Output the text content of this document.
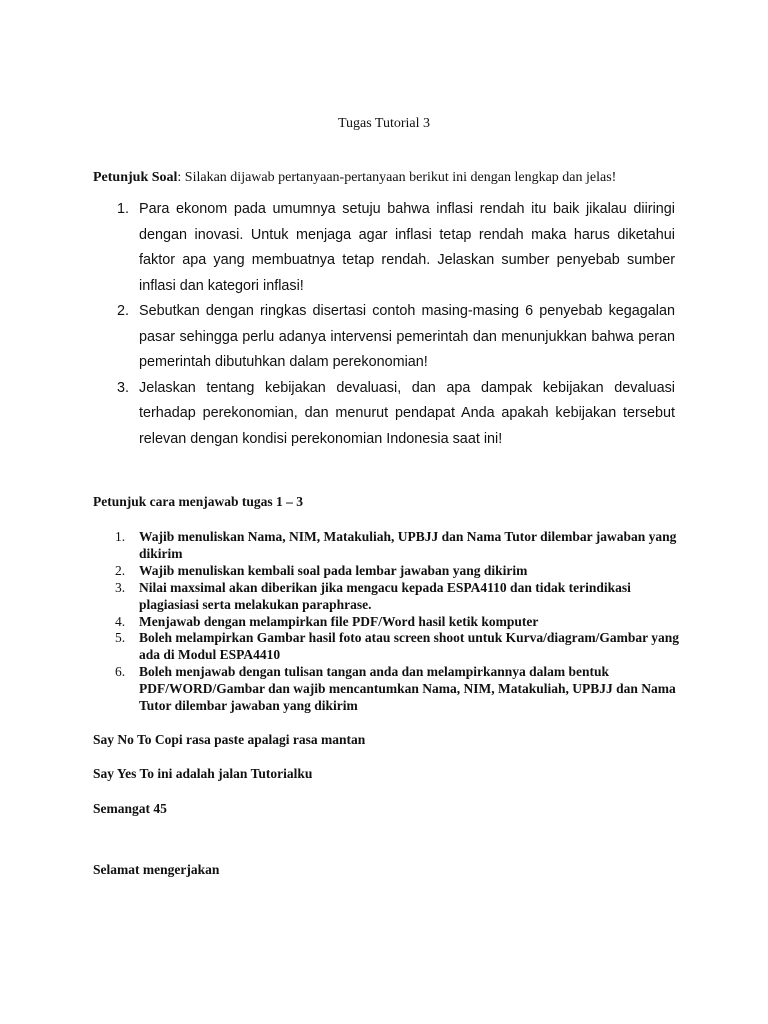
Tugas Tutorial 3
Petunjuk Soal: Silakan dijawab pertanyaan-pertanyaan berikut ini dengan lengkap dan jelas!
1. Para ekonom pada umumnya setuju bahwa inflasi rendah itu baik jikalau diiringi dengan inovasi. Untuk menjaga agar inflasi tetap rendah maka harus diketahui faktor apa yang membuatnya tetap rendah. Jelaskan sumber penyebab sumber inflasi dan kategori inflasi!
2. Sebutkan dengan ringkas disertasi contoh masing-masing 6 penyebab kegagalan pasar sehingga perlu adanya intervensi pemerintah dan menunjukkan bahwa peran pemerintah dibutuhkan dalam perekonomian!
3. Jelaskan tentang kebijakan devaluasi, dan apa dampak kebijakan devaluasi terhadap perekonomian, dan menurut pendapat Anda apakah kebijakan tersebut relevan dengan kondisi perekonomian Indonesia saat ini!
Petunjuk cara menjawab tugas 1 – 3
1. Wajib menuliskan Nama, NIM, Matakuliah, UPBJJ dan Nama Tutor dilembar jawaban yang dikirim
2. Wajib menuliskan kembali soal pada lembar jawaban yang dikirim
3. Nilai maxsimal akan diberikan jika mengacu kepada ESPA4110 dan tidak terindikasi plagiasiasi serta melakukan paraphrase.
4. Menjawab dengan melampirkan file PDF/Word hasil ketik komputer
5. Boleh melampirkan Gambar hasil foto atau screen shoot untuk Kurva/diagram/Gambar yang ada di Modul ESPA4410
6. Boleh menjawab dengan tulisan tangan anda dan melampirkannya dalam bentuk PDF/WORD/Gambar dan wajib mencantumkan Nama, NIM, Matakuliah, UPBJJ dan Nama Tutor dilembar jawaban yang dikirim
Say No To Copi rasa paste apalagi rasa mantan
Say Yes To ini adalah jalan Tutorialku
Semangat 45
Selamat mengerjakan
